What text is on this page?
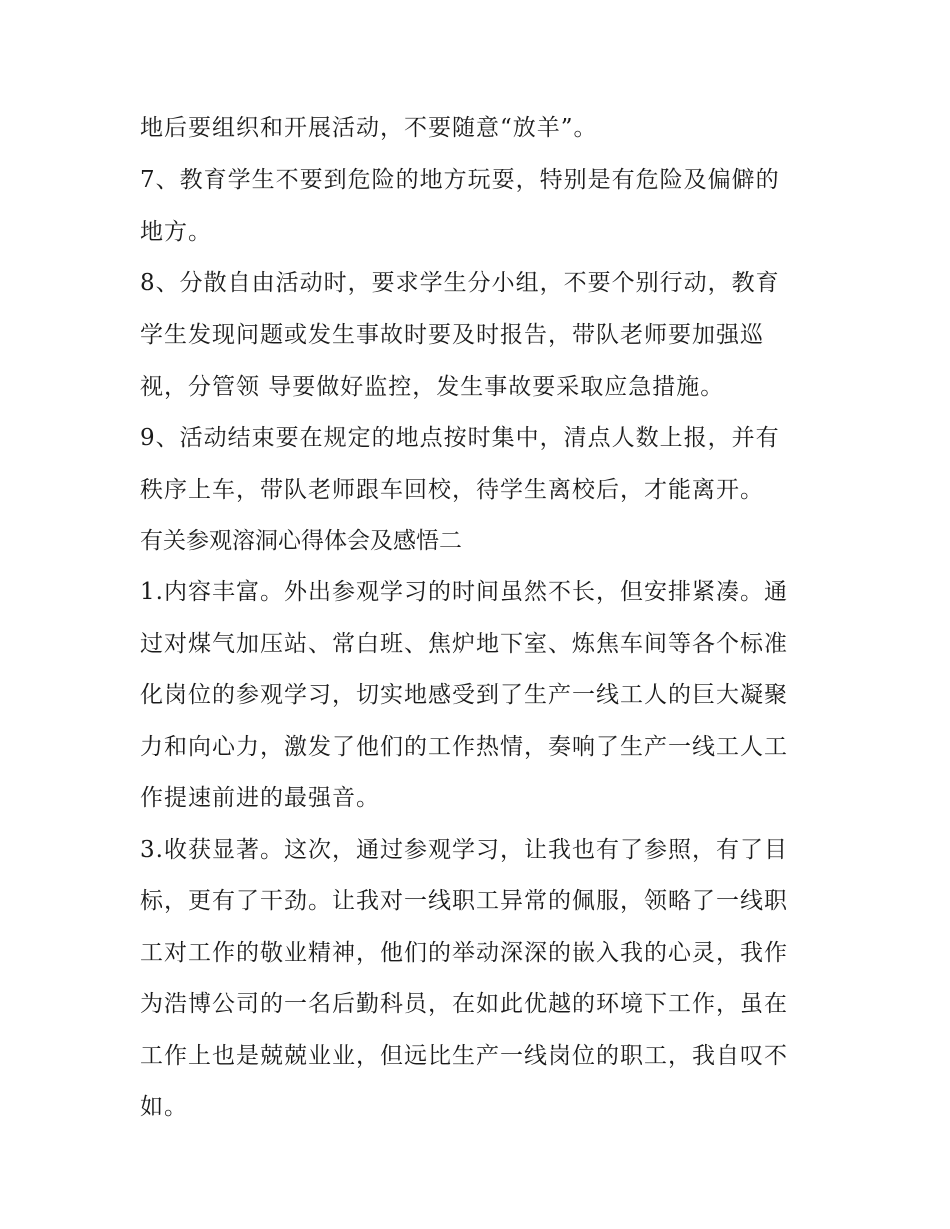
地后要组织和开展活动，不要随意“放羊”。
7、教育学生不要到危险的地方玩耍，特别是有危险及偏僻的
地方。
8、分散自由活动时，要求学生分小组，不要个别行动，教育
学生发现问题或发生事故时要及时报告，带队老师要加强巡
视，分管领 导要做好监控，发生事故要采取应急措施。
9、活动结束要在规定的地点按时集中，清点人数上报，并有
秩序上车，带队老师跟车回校，待学生离校后，才能离开。
有关参观溶洞心得体会及感悟二
1.内容丰富。外出参观学习的时间虽然不长，但安排紧凑。通
过对煤气加压站、常白班、焦炉地下室、炼焦车间等各个标准
化岗位的参观学习，切实地感受到了生产一线工人的巨大凝聚
力和向心力，激发了他们的工作热情，奏响了生产一线工人工
作提速前进的最强音。
3.收获显著。这次，通过参观学习，让我也有了参照，有了目
标，更有了干劲。让我对一线职工异常的佩服，领略了一线职
工对工作的敬业精神，他们的举动深深的嵌入我的心灵，我作
为浩博公司的一名后勤科员，在如此优越的环境下工作，虽在
工作上也是兢兢业业，但远比生产一线岗位的职工，我自叹不
如。
